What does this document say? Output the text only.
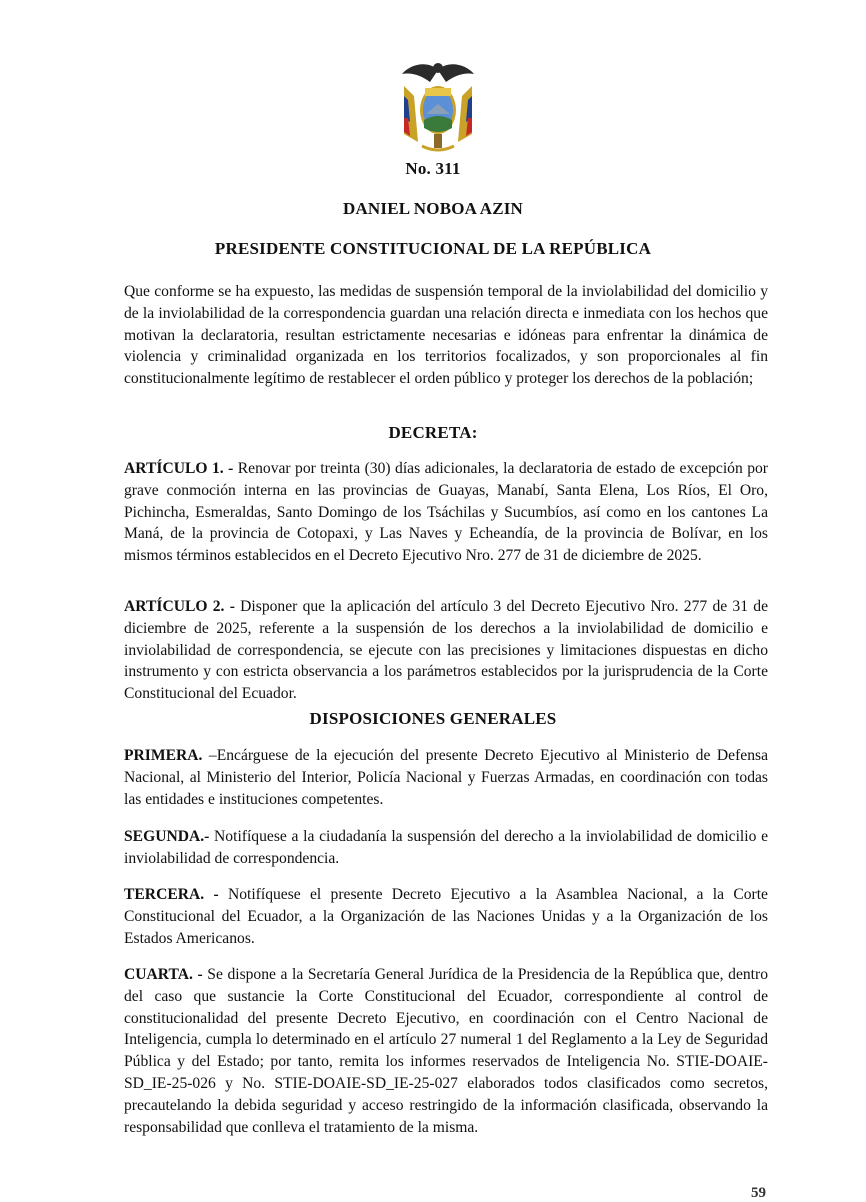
No. 311
DANIEL NOBOA AZIN
PRESIDENTE CONSTITUCIONAL DE LA REPÚBLICA
Que conforme se ha expuesto, las medidas de suspensión temporal de la inviolabilidad del domicilio y de la inviolabilidad de la correspondencia guardan una relación directa e inmediata con los hechos que motivan la declaratoria, resultan estrictamente necesarias e idóneas para enfrentar la dinámica de violencia y criminalidad organizada en los territorios focalizados, y son proporcionales al fin constitucionalmente legítimo de restablecer el orden público y proteger los derechos de la población;
DECRETA:
ARTÍCULO 1. - Renovar por treinta (30) días adicionales, la declaratoria de estado de excepción por grave conmoción interna en las provincias de Guayas, Manabí, Santa Elena, Los Ríos, El Oro, Pichincha, Esmeraldas, Santo Domingo de los Tsáchilas y Sucumbíos, así como en los cantones La Maná, de la provincia de Cotopaxi, y Las Naves y Echeandía, de la provincia de Bolívar, en los mismos términos establecidos en el Decreto Ejecutivo Nro. 277 de 31 de diciembre de 2025.
ARTÍCULO 2. - Disponer que la aplicación del artículo 3 del Decreto Ejecutivo Nro. 277 de 31 de diciembre de 2025, referente a la suspensión de los derechos a la inviolabilidad de domicilio e inviolabilidad de correspondencia, se ejecute con las precisiones y limitaciones dispuestas en dicho instrumento y con estricta observancia a los parámetros establecidos por la jurisprudencia de la Corte Constitucional del Ecuador.
DISPOSICIONES GENERALES
PRIMERA. –Encárguese de la ejecución del presente Decreto Ejecutivo al Ministerio de Defensa Nacional, al Ministerio del Interior, Policía Nacional y Fuerzas Armadas, en coordinación con todas las entidades e instituciones competentes.
SEGUNDA.- Notifíquese a la ciudadanía la suspensión del derecho a la inviolabilidad de domicilio e inviolabilidad de correspondencia.
TERCERA. - Notifíquese el presente Decreto Ejecutivo a la Asamblea Nacional, a la Corte Constitucional del Ecuador, a la Organización de las Naciones Unidas y a la Organización de los Estados Americanos.
CUARTA. - Se dispone a la Secretaría General Jurídica de la Presidencia de la República que, dentro del caso que sustancie la Corte Constitucional del Ecuador, correspondiente al control de constitucionalidad del presente Decreto Ejecutivo, en coordinación con el Centro Nacional de Inteligencia, cumpla lo determinado en el artículo 27 numeral 1 del Reglamento a la Ley de Seguridad Pública y del Estado; por tanto, remita los informes reservados de Inteligencia No. STIE-DOAIE-SD_IE-25-026 y No. STIE-DOAIE-SD_IE-25-027 elaborados todos clasificados como secretos, precautelando la debida seguridad y acceso restringido de la información clasificada, observando la responsabilidad que conlleva el tratamiento de la misma.
59
